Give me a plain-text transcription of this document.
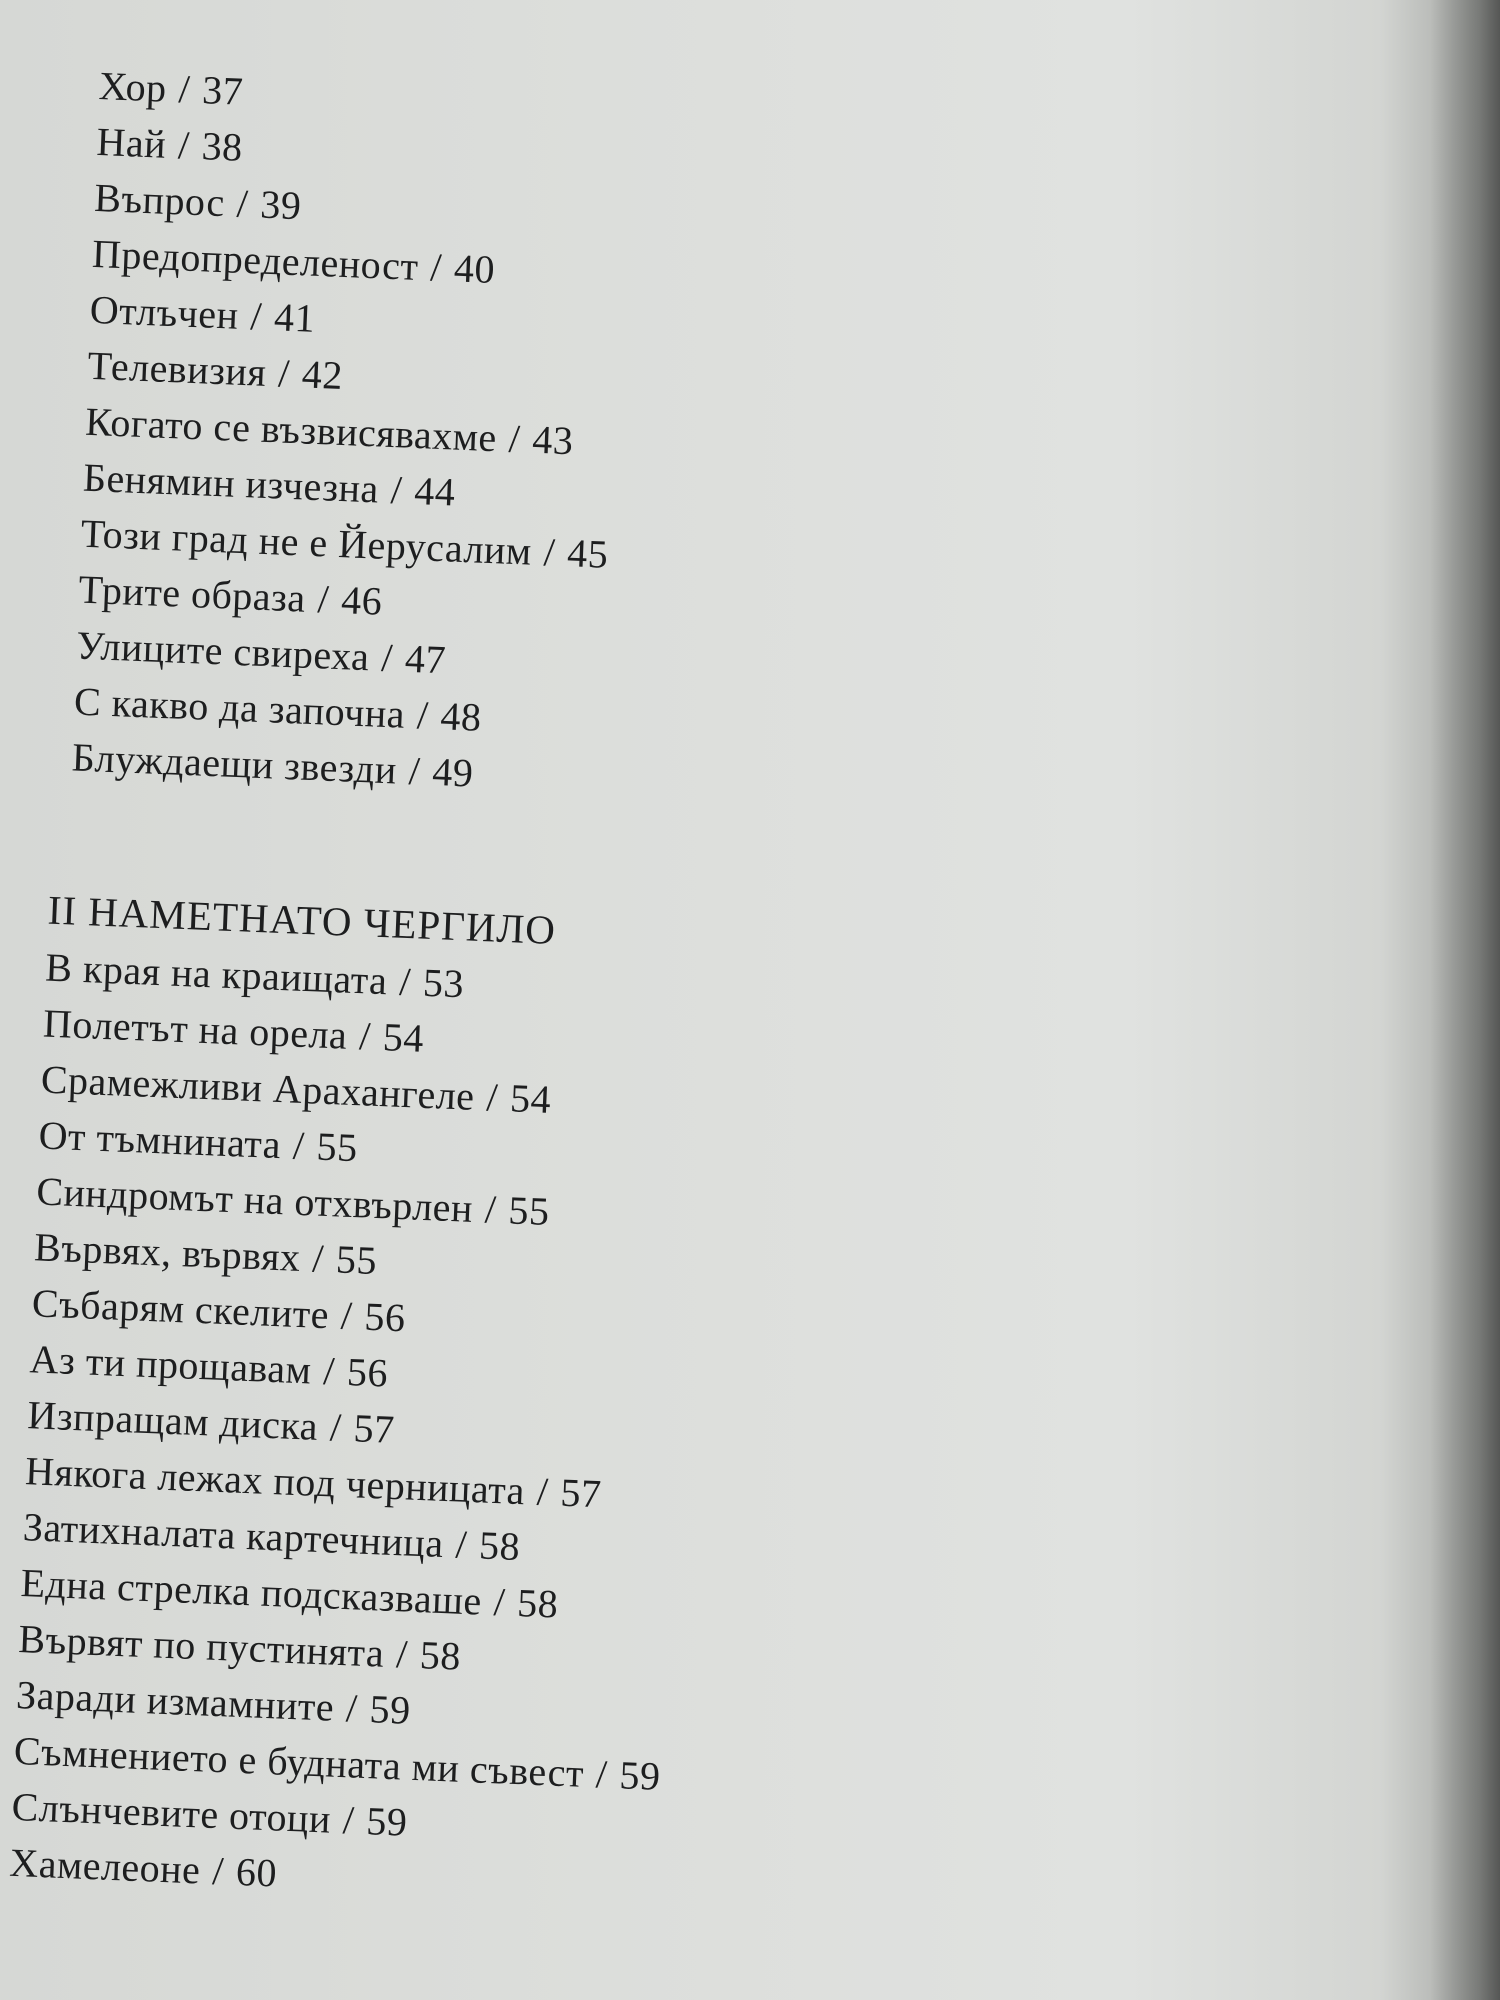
Хор / 37
Най / 38
Въпрос / 39
Предопределеност / 40
Отлъчен / 41
Телевизия / 42
Когато се възвисявахме / 43
Бенямин изчезна / 44
Този град не е Йерусалим / 45
Трите образа / 46
Улиците свиреха / 47
С какво да започна / 48
Блуждаещи звезди / 49
II НАМЕТНАТО ЧЕРГИЛО
В края на краищата / 53
Полетът на орела / 54
Срамежливи Арахангеле / 54
От тъмнината / 55
Синдромът на отхвърлен / 55
Вървях, вървях / 55
Събарям скелите / 56
Аз ти прощавам / 56
Изпращам диска / 57
Някога лежах под черницата / 57
Затихналата картечница / 58
Една стрелка подсказваше / 58
Вървят по пустинята / 58
Заради измамните / 59
Съмнението е будната ми съвест / 59
Слънчевите отоци / 59
Хамелеоне / 60
